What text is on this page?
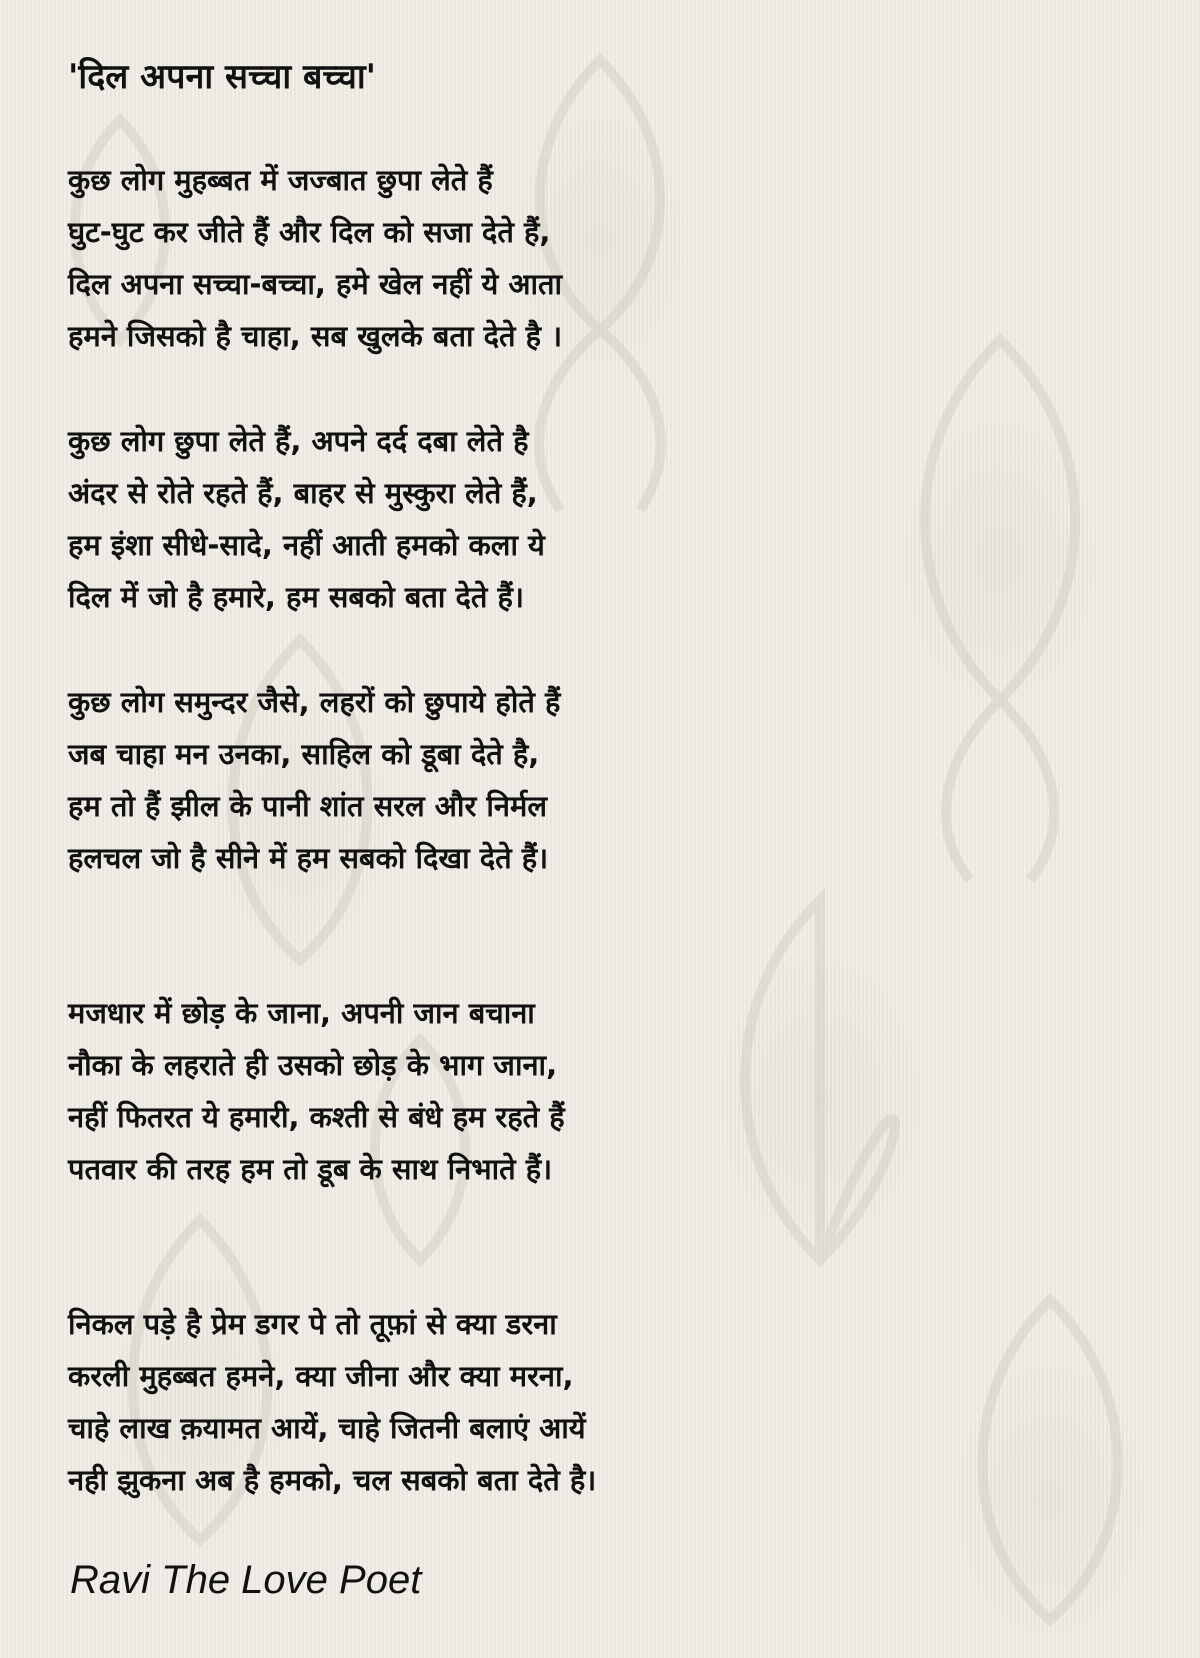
'दिल अपना सच्चा बच्चा'
कुछ लोग मुहब्बत में जज्बात छुपा लेते हैं
घुट-घुट कर जीते हैं और दिल को सजा देते हैं,
दिल अपना सच्चा-बच्चा, हमे खेल नहीं ये आता
हमने जिसको है चाहा, सब खुलके बता देते है ।
कुछ लोग छुपा लेते हैं, अपने दर्द दबा लेते है
अंदर से रोते रहते हैं, बाहर से मुस्कुरा लेते हैं,
हम इंशा सीधे-सादे, नहीं आती हमको कला ये
दिल में जो है हमारे, हम सबको बता देते हैं।
कुछ लोग समुन्दर जैसे, लहरों को छुपाये होते हैं
जब चाहा मन उनका, साहिल को डूबा देते है,
हम तो हैं झील के पानी शांत सरल और निर्मल
हलचल जो है सीने में हम सबको दिखा देते हैं।
मजधार में छोड़ के जाना, अपनी जान बचाना
नौका के लहराते ही उसको छोड़ के भाग जाना,
नहीं फितरत ये हमारी, कश्ती से बंधे हम रहते हैं
पतवार की तरह हम तो डूब के साथ निभाते हैं।
निकल पड़े है प्रेम डगर पे तो तूफ़ां से क्या डरना
करली मुहब्बत हमने, क्या जीना और क्या मरना,
चाहे लाख क़यामत आयें, चाहे जितनी बलाएं आयें
नही झुकना अब है हमको, चल सबको बता देते है।
Ravi The Love Poet
